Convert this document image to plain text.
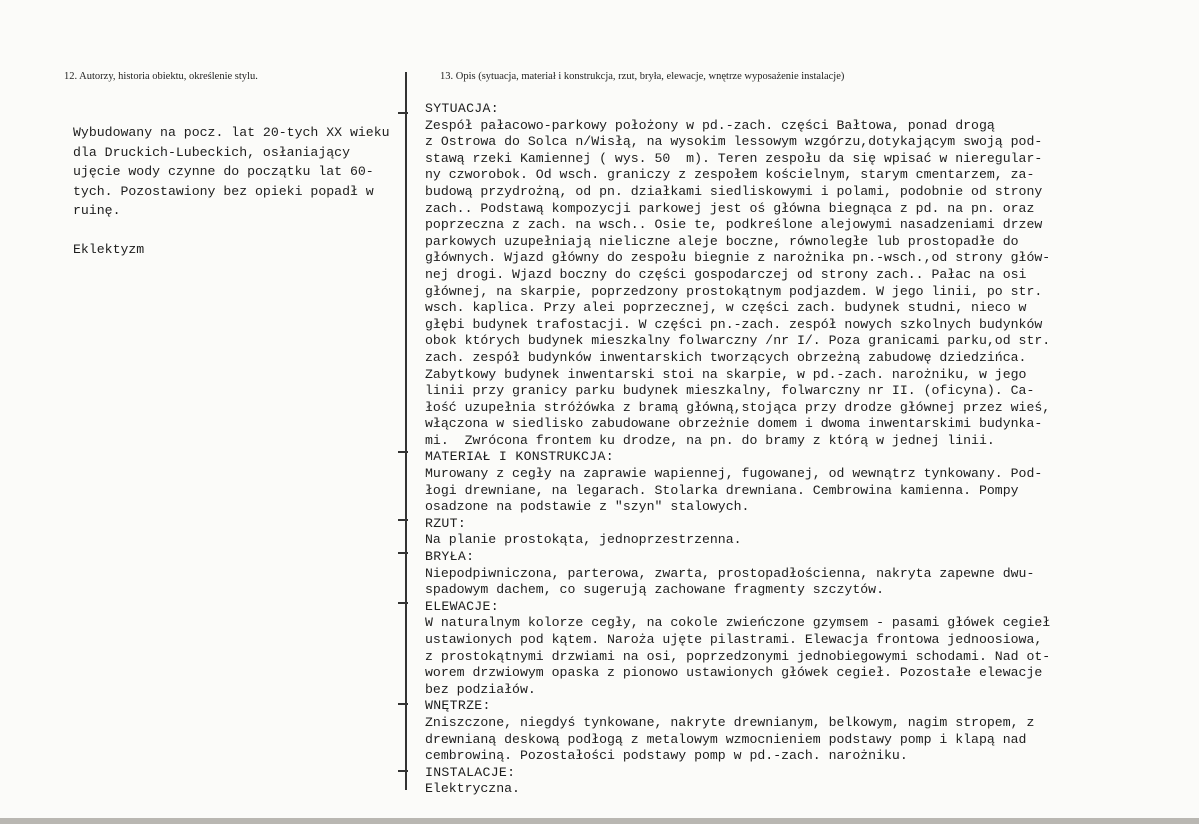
12. Autorzy, historia obiektu, określenie stylu.	13. Opis (sytuacja, materiał i konstrukcja, rzut, bryła, elewacje, wnętrze wyposażenie instalacje)

Wybudowany na pocz. lat 20-tych XX wieku dla Druckich-Lubeckich, osłaniający ujęcie wody czynne do początku lat 60-tych. Pozostawiony bez opieki popadł w ruinę.

Eklektyzm

SYTUACJA:
Zespół pałacowo-parkowy położony w pd.-zach. części Bałtowa, ponad drogą
z Ostrowa do Solca n/Wisłą, na wysokim lessowym wzgórzu,dotykającym swoją pod-
stawą rzeki Kamiennej ( wys. 50  m). Teren zespołu da się wpisać w nieregular-
ny czworobok. Od wsch. graniczy z zespołem kościelnym, starym cmentarzem, za-
budową przydrożną, od pn. działkami siedliskowymi i polami, podobnie od strony
zach.. Podstawą kompozycji parkowej jest oś główna biegnąca z pd. na pn. oraz
poprzeczna z zach. na wsch.. Osie te, podkreślone alejowymi nasadzeniami drzew
parkowych uzupełniają nieliczne aleje boczne, równoległe lub prostopadłe do
głównych. Wjazd główny do zespołu biegnie z narożnika pn.-wsch.,od strony głów-
nej drogi. Wjazd boczny do części gospodarczej od strony zach.. Pałac na osi
głównej, na skarpie, poprzedzony prostokątnym podjazdem. W jego linii, po str.
wsch. kaplica. Przy alei poprzecznej, w części zach. budynek studni, nieco w
głębi budynek trafostacji. W części pn.-zach. zespół nowych szkolnych budynków
obok których budynek mieszkalny folwarczny /nr I/. Poza granicami parku,od str.
zach. zespół budynków inwentarskich tworzących obrzeżną zabudowę dziedzińca.
Zabytkowy budynek inwentarski stoi na skarpie, w pd.-zach. narożniku, w jego
linii przy granicy parku budynek mieszkalny, folwarczny nr II. (oficyna). Ca-
łość uzupełnia stróżówka z bramą główną,stojąca przy drodze głównej przez wieś,
włączona w siedlisko zabudowane obrzeżnie domem i dwoma inwentarskimi budynka-
mi.  Zwrócona frontem ku drodze, na pn. do bramy z którą w jednej linii.
MATERIAŁ I KONSTRUKCJA:
Murowany z cegły na zaprawie wapiennej, fugowanej, od wewnątrz tynkowany. Pod-
łogi drewniane, na legarach. Stolarka drewniana. Cembrowina kamienna. Pompy
osadzone na podstawie z "szyn" stalowych.
RZUT:
Na planie prostokąta, jednoprzestrzenna.
BRYŁA:
Niepodpiwniczona, parterowa, zwarta, prostopadłościenna, nakryta zapewne dwu-
spadowym dachem, co sugerują zachowane fragmenty szczytów.
ELEWACJE:
W naturalnym kolorze cegły, na cokole zwieńczone gzymsem - pasami główek cegieł
ustawionych pod kątem. Naroża ujęte pilastrami. Elewacja frontowa jednoosiowa,
z prostokątnymi drzwiami na osi, poprzedzonymi jednobiegowymi schodami. Nad ot-
worem drzwiowym opaska z pionowo ustawionych główek cegieł. Pozostałe elewacje
bez podziałów.
WNĘTRZE:
Zniszczone, niegdyś tynkowane, nakryte drewnianym, belkowym, nagim stropem, z
drewnianą deskową podłogą z metalowym wzmocnieniem podstawy pomp i klapą nad
cembrowiną. Pozostałości podstawy pomp w pd.-zach. narożniku.
INSTALACJE:
Elektryczna.
